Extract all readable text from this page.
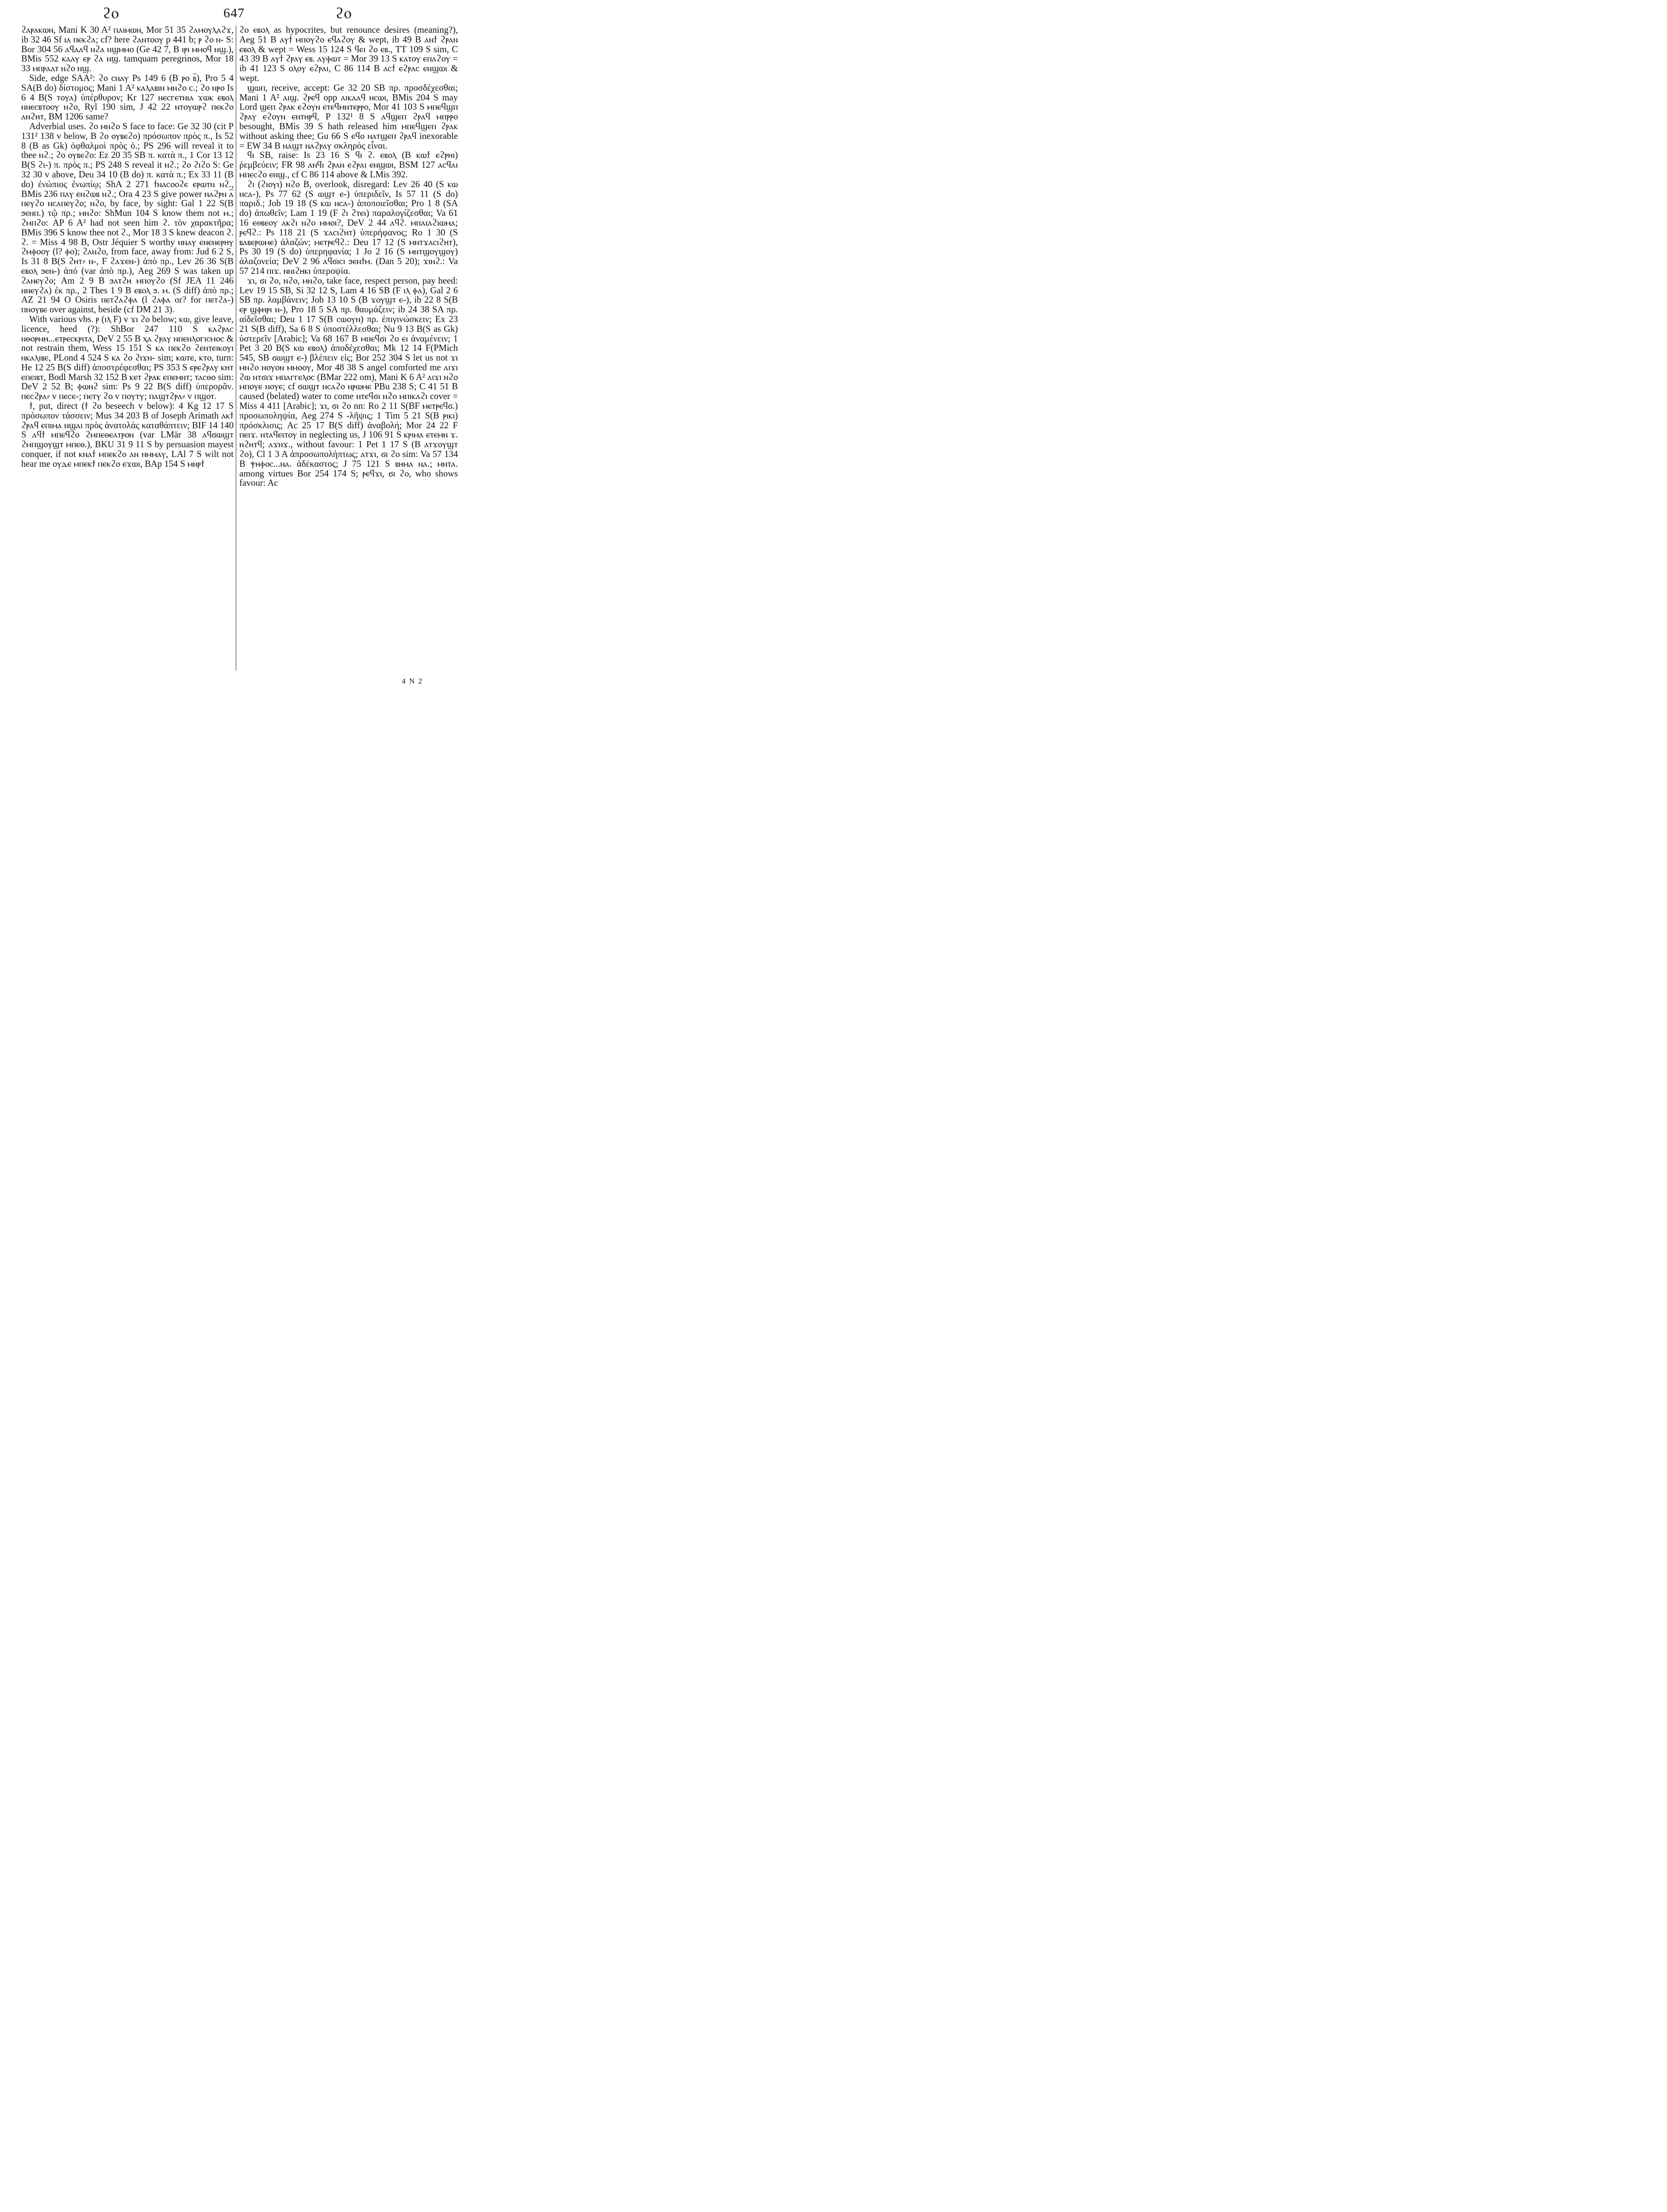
ϩⲟ	647	ϩⲟ

ϩⲁⲣⲁⲕⲱⲛ, Mani K 30 A² ⲡⲁⲓⲙⲱⲛ, Mor 51 35 ϩⲁⲙⲟⲩⲗⲁϩϫ, ib 32 46 Sf ⲓⲁ ⲡⲉⲕϩⲁ; cf? here ϩⲁⲛⲧⲟⲟⲩ p 441 b; ⲣ ϩⲟ ⲛ- S: Bor 304 56 ⲁϥⲁⲁϥ ⲛϩⲁ ⲛϣⲙⲙⲟ (Ge 42 7, B ⲓⲣⲓ ⲙⲙⲟϥ ⲛϣ.), BMis 552 ⲕⲁⲁⲩ ⲉⲣ ϩⲁ ⲛϣ. tamquam peregrinos, Mor 18 33 ⲙⲡⲣⲁⲁⲧ ⲛϩⲟ ⲛϣ.

Side, edge SAA²: ϩⲟ ⲥⲛⲁⲩ Ps 149 6 (B ⲣⲟ ⲃ̅), Pro 5 4 SA(B do) δίστομος; Mani 1 A² ⲕⲁⲗⲁⲃⲓⲛ ⲙⲛϩⲟ c.; ϩⲟ ⲛⲣⲟ Is 6 4 B(S ⲧⲟⲩⲁ) ὑπέρθυρον; Kr 127 ⲛⲉⲥⲅⲉⲧⲛⲓⲁ ϫⲱⲕ ⲉⲃⲟⲗ ⲛⲛⲉⲥⲃⲧⲟⲟⲩ ⲛϩⲟ, Ryl 190 sim, J 42 22 ⲛⲧⲟⲩⲱⲣϩ ⲡⲉⲕϩⲟ ⲁⲛϩⲏⲧ, BM 1206 same?

Adverbial uses. ϩⲟ ⲙⲛϩⲟ S face to face: Ge 32 30 (cit P 131² 138 v below, B ϩⲟ ⲟⲩⲃⲉϩⲟ) πρόσωπον πρὸς π., Is 52 8 (B as Gk) ὀφθαλμοὶ πρὸς ὀ.; PS 296 will reveal it to thee ⲛϩ.; ϩⲟ ⲟⲩⲃⲉϩⲟ: Ez 20 35 SB π. κατὰ π., 1 Cor 13 12 B(S ϩⲓ-) π. πρὸς π.; PS 248 S reveal it ⲛϩ.; ϩⲟ ϩⲓϩⲟ S: Ge 32 30 v above, Deu 34 10 (B do) π. κατὰ π.; Ex 33 11 (B do) ἐνώπιος ἐνωπίῳ; ShA 2 271 ϯⲛⲁⲥⲟⲟϩⲉ ⲉⲣⲱⲧⲛ ⲛϩ., BMis 236 ⲡⲁⲩ ⲉⲛϩⲱⲃ ⲛϩ.; Ora 4 23 S give power ⲛⲁϩⲣⲛ ⲁ̅ ⲡⲉⲩϩⲟ ⲛⲥⲁⲡⲉⲩϩⲟ; ⲛϩⲟ, by face, by sight: Gal 1 22 S(B ϧⲉⲛⲡ.) τῷ πρ.; ⲙⲛϩⲟ: ShMun 104 S know them not ⲙ.; ϩⲙⲡϩⲟ: AP 6 A² had not seen him ϩ. τὸν χαρακτῆρα; BMis 396 S know thee not ϩ., Mor 18 3 S knew deacon ϩ. ϩ. = Miss 4 98 B, Ostr Jéquier S worthy ⲛⲛⲁⲩ ⲉⲛⲉⲛⲉⲣⲏⲩ ϩⲙⲫⲟⲟⲩ (l? ⲫⲟ); ϩⲁⲛϩⲟ, from face, away from: Jud 6 2 S, Is 31 8 B(S ϩⲏⲧ⸗ ⲛ-, F ϩⲁϫⲉⲛ-) ἀπὸ πρ., Lev 26 36 S(B ⲉⲃⲟⲗ ϧⲉⲛ-) ἀπό (var ἀπὸ πρ.), Aeg 269 S was taken up ϩⲁⲛⲉⲩϩⲟ; Am 2 9 B ϧⲁⲧϩⲏ ⲙⲡⲟⲩϩⲟ (Sf JEA 11 246 ⲛⲛⲉⲩϩⲁ) ἐκ πρ., 2 Thes 1 9 B ⲉⲃⲟⲗ ϧ. ⲙ. (S diff) ἀπὸ πρ.; AZ 21 94 O Osiris ⲡⲉⲧϩⲁϩⲫⲁ (l ϩⲁⲫⲁ or? for ⲡⲉⲧϩⲁ-) ⲡⲛⲟⲩⲃⲉ over against, beside (cf DM 21 3).

With various vbs. ⲣ (ⲓⲗ F) v ϫⲓ ϩⲟ below; ⲕⲱ, give leave, licence, heed (?): ShBor 247 110 S ⲕⲁϩⲣⲁⲥ ⲛⲑⲟⲣⲙⲏ...ⲉⲧⲣⲉⲥⲕⲣⲓⲧⲁ, DeV 2 55 B ⲭⲁ ϩⲣⲁⲩ ⲛⲡⲉⲛⲗⲟⲅⲓⲥⲙⲟⲥ & not restrain them, Wess 15 151 S ⲕⲁ ⲡⲉⲕϩⲟ ϩⲉⲛⲧⲉⲓⲕⲟⲩⲓ ⲛⲕⲁⲗⲓⲃⲉ, PLond 4 524 S ⲕⲁ ϩⲟ ϩⲓϫⲛ- sim; ⲕⲱⲧⲉ, ⲕⲧⲟ, turn: He 12 25 B(S diff) ἀποστρέφεσθαι; PS 353 S ⲉⲣⲉϩⲣⲁⲩ ⲕⲏⲧ ⲉⲡⲉⲓⲃⲧ, Bodl Marsh 32 152 B ⲕⲉⲧ ϩⲣⲁⲕ ⲉⲡⲉⲙⲛⲧ; ⲧⲁⲥⲑⲟ sim: DeV 2 52 B; ⲫⲱⲛϩ sim: Ps 9 22 B(S diff) ὑπερορᾶν. ⲡⲉⲥϩⲣⲁ⸗ v ⲡⲉⲥⲉ-; ⲡⲉⲧⲩ ϩⲟ v ⲡⲟⲩⲧⲩ; ⲡⲁϣⲧϩⲣⲁ⸗ v ⲡϣⲟⲧ.

ϯ, put, direct (ϯ ϩⲟ beseech v below): 4 Kg 12 17 S πρόσωπον τάσσειν; Mus 34 203 B of Joseph Arimath ⲁⲕϯ ϩⲣⲁϥ ⲉⲡⲓⲙⲁ ⲛϣⲁⲓ πρὸς ἀνατολὰς καταθάπτειν; BIF 14 140 S ⲁϥϯ ⲙⲡⲉϥϩⲟ ϩⲙⲡⲉⲑⲉⲁⲧⲣⲟⲛ (var LMär 38 ⲁϥϭⲱϣⲧ ϩⲙⲡϣⲟⲩϣⲧ ⲙⲡⲉⲑ.), BKU 31 9 11 S by persuasion mayest conquer, if not ⲕⲛⲁϯ ⲙⲡⲉⲕϩⲟ ⲁⲛ ⲛⲙⲙⲁⲩ, LAl 7 S wilt not hear me ⲟⲩⲇⲉ ⲙⲡⲉⲕϯ ⲡⲉⲕϩⲟ ⲉϫⲱⲓ, BAp 154 S ⲙⲛⲣϯ

ϩⲟ ⲉⲃⲟⲗ as hypocrites, but renounce desires (meaning?), Aeg 51 B ⲁⲩϯ ⲙⲡⲟⲩϩⲟ ⲉϥⲁϩⲟⲩ & wept, ib 49 B ⲁⲛϯ ϩⲣⲁⲛ ⲉⲃⲟⲗ & wept = Wess 15 124 S ϥⲉⲓ ϩⲟ ⲉⲃ., TT 109 S sim, C 43 39 B ⲁⲩϯ ϩⲣⲁⲩ ⲉⲃ. ⲁⲩⲫⲱⲧ = Mor 39 13 S ⲕⲁⲧⲟⲩ ⲉⲡⲁϩⲟⲩ = ib 41 123 S ⲟⲗⲟⲩ ⲉϩⲣⲁⲓ, C 86 114 B ⲁⲥϯ ⲉϩⲣⲁⲥ ⲉⲛϣⲱⲓ & wept.

ϣⲱⲡ, receive, accept: Ge 32 20 SB πρ. προσδέχεσθαι; Mani 1 A² ⲁⲓϣ. ϩⲣⲉϥ opp ⲁⲓⲕⲁⲁϥ ⲛⲥⲱⲓ, BMis 204 S may Lord ϣⲉⲡ ϩⲣⲁⲕ ⲉϩⲟⲩⲛ ⲉⲧⲉϥⲙⲛⲧⲉⲣⲣⲟ, Mor 41 103 S ⲙⲡⲉϥϣⲡ ϩⲣⲁⲩ ⲉϩⲟⲩⲛ ⲉⲛⲧⲏⲣϥ, P 132¹ 8 S ⲁϥϣⲉⲡ ϩⲣⲁϥ ⲙⲡⲣⲣⲟ besought, BMis 39 S hath released him ⲙⲡⲉϥϣⲉⲡ ϩⲣⲁⲕ without asking thee; Gu 66 S ⲉϥⲟ ⲛⲁⲧϣⲉⲡ ϩⲣⲁϥ inexorable = EW 34 B ⲛⲁϣⲧ ⲛⲁϩⲣⲁⲩ σκληρὸς εἶναι.

ϥⲓ SB, raise: Is 23 16 S ϥⲓ ϩ. ⲉⲃⲟⲗ (B ⲕⲱϯ ⲉϩⲣⲏⲓ) ῥεμβεύειν; FR 98 ⲁⲛϥⲓ ϩⲣⲁⲛ ⲉϩⲣⲁⲓ ⲉⲛϣⲱⲓ, BSM 127 ⲁⲥϥⲁⲓ ⲙⲡⲉⲥϩⲟ ⲉⲛϣ., cf C 86 114 above & LMis 392.

ϩⲓ (ϩⲓⲟⲩⲓ) ⲛϩⲟ B, overlook, disregard: Lev 26 40 (S ⲕⲱ ⲛⲥⲁ-), Ps 77 62 (S ⲱϣⲧ ⲉ-) ὑπεριδεῖν, Is 57 11 (S do) παριδ.; Job 19 18 (S ⲕⲱ ⲛⲥⲁ-) ἀποποιεῖσθαι; Pro 1 8 (SA do) ἀπωθεῖν; Lam 1 19 (F ϩⲓ ϩⲧⲉⲓ) παραλογίζεσθαι; Va 61 16 ⲉⲑⲃⲉⲟⲩ ⲁⲕϩⲓ ⲛϩⲟ ⲙⲙⲟⲓ?, DeV 2 44 ⲁϥϩ. ⲙⲡⲁⲓⲁϩⲓⲱⲙⲁ; ⲣⲉϥϩ.: Ps 118 21 (S ϫⲁⲥⲓϩⲏⲧ) ὑπερήφανος; Ro 1 30 (S ⲃⲁⲃⲉⲣⲱⲙⲉ) ἀλαζών; ⲙⲉⲧⲣⲉϥϩ.: Deu 17 12 (S ⲙⲛⲧϫⲁⲥⲓϩⲏⲧ), Ps 30 19 (S do) ὑπερηφανία; 1 Jo 2 16 (S ⲙⲛⲧϣⲟⲩϣⲟⲩ) ἀλαζονεία; DeV 2 96 ⲁϥϭⲓⲥⲓ ϧⲉⲛϯⲙ. (Dan 5 20); ϫⲓⲛϩ.: Va 57 214 ⲡⲓϫ. ⲛⲛⲓϩⲏⲕⲓ ὑπεροψία.

ϫⲓ, ϭⲓ ϩⲟ, ⲛϩⲟ, ⲙⲛϩⲟ, take face, respect person, pay heed: Lev 19 15 SB, Si 32 12 S, Lam 4 16 SB (F ⲓⲗ ⲫⲁ), Gal 2 6 SB πρ. λαμβάνειν; Job 13 10 S (B ϫⲟⲩϣⲧ ⲉ-), ib 22 8 S(B ⲉⲣ ϣⲫⲏⲣⲓ ⲛ-), Pro 18 5 SA πρ. θαυμάζειν; ib 24 38 SA πρ. αἰδεῖσθαι; Deu 1 17 S(B ⲥⲱⲟⲩⲛ) πρ. ἐπιγινώσκειν; Ex 23 21 S(B diff), Sa 6 8 S ὑποστέλλεσθαι; Nu 9 13 B(S as Gk) ὑστερεῖν [Arabic]; Va 68 167 B ⲙⲡⲉϥϭⲓ ϩⲟ ⲉⲓ ἀναμένειν; 1 Pet 3 20 B(S ⲕⲱ ⲉⲃⲟⲗ) ἀποδέχεσθαι; Mk 12 14 F(PMich 545, SB ϭⲱϣⲧ ⲉ-) βλέπειν εἰς; Bor 252 304 S let us not ϫⲓ ⲙⲛϩⲟ ⲛⲟⲩⲟⲛ ⲙⲙⲟⲟⲩ, Mor 48 38 S angel comforted me ⲁⲓϫⲓ ϩⲱ ⲛⲧϭⲓϫ ⲙⲡⲁⲅⲅⲉⲗⲟⲥ (BMar 222 om), Mani K 6 A² ⲁⲓϫⲓ ⲛϩⲟ ⲙⲡⲟⲩⲉ ⲛⲟⲩⲉ; cf ϭⲱϣⲧ ⲛⲥⲁϩⲟ ⲛⲣⲱⲙⲉ PBu 238 S; C 41 51 B caused (belated) water to come ⲛⲧⲉϥϭⲓ ⲛϩⲟ ⲙⲡⲓⲕⲁϩⲓ cover = Miss 4 411 [Arabic]; ϫⲓ, ϭⲓ ϩⲟ nn: Ro 2 11 S(BF ⲙⲉⲧⲣⲉϥϭ.) προσωποληψία, Aeg 274 S -λῆψις; 1 Tim 5 21 S(B ⲣⲓⲕⲓ) πρόσκλισις; Ac 25 17 B(S diff) ἀναβολή; Mor 24 22 F ⲡⲉⲓϫ. ⲛⲧⲁϥⲉⲓⲧⲟⲩ in neglecting us, J 106 91 S ⲕⲣⲓⲙⲁ ⲉⲧⲉⲙⲛ ϫ. ⲛϩⲏⲧϥ; ⲁϫⲛϫ., without favour: 1 Pet 1 17 S (B ⲁⲧϫⲟⲩϣⲧ ϩⲟ), Cl 1 3 A ἀπροσωπολήπτως; ⲁⲧϫⲓ, ϭⲓ ϩⲟ sim: Va 57 134 B ⲯⲏⲫⲟⲥ...ⲛⲁ. ἀδέκαστος; J 75 121 S ⲃⲏⲙⲁ ⲛⲁ.; ⲙⲛⲧⲁ. among virtues Bor 254 174 S; ⲣⲉϥϫⲓ, ϭⲓ ϩⲟ, who shows favour: Ac

4 N 2
